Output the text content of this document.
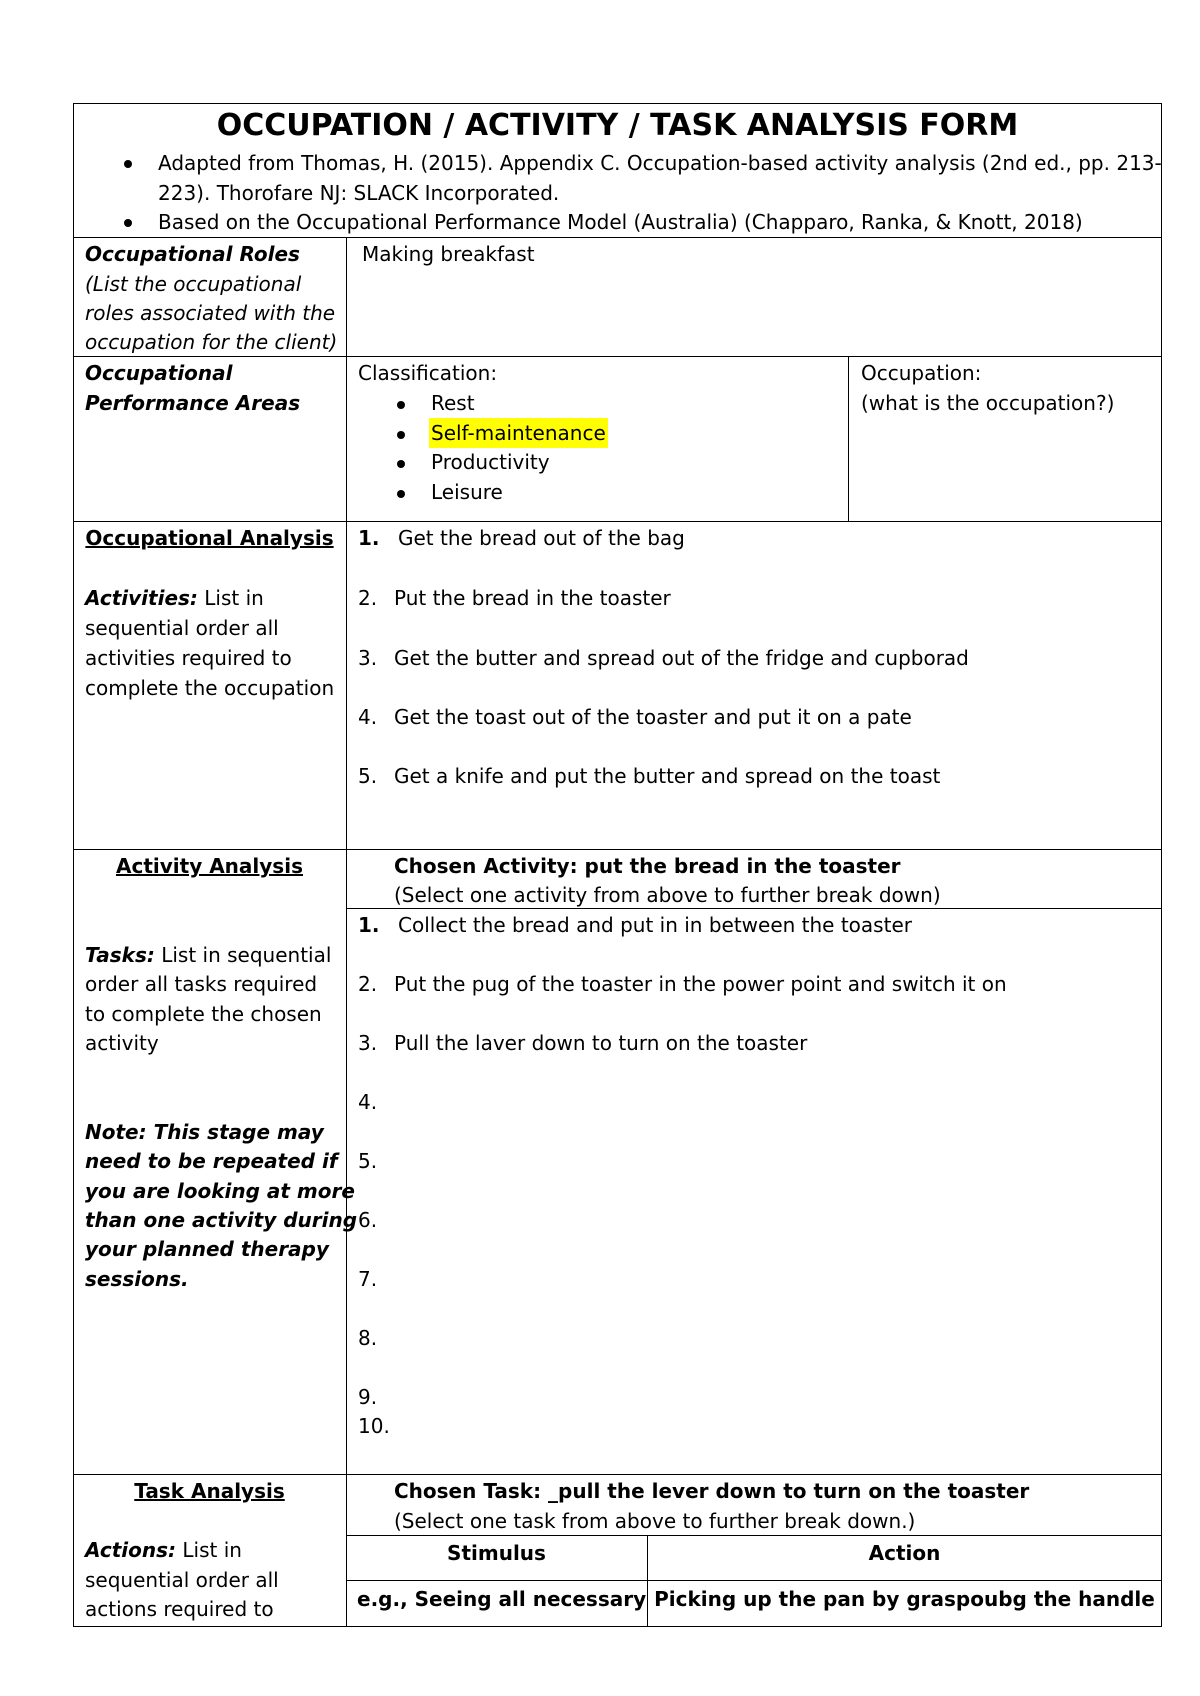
OCCUPATION / ACTIVITY / TASK ANALYSIS FORM
Adapted from Thomas, H. (2015). Appendix C. Occupation-based activity analysis (2nd ed., pp. 213-
223). Thorofare NJ: SLACK Incorporated.
Based on the Occupational Performance Model (Australia) (Chapparo, Ranka, & Knott, 2018)
Occupational Roles
(List the occupational
roles associated with the
occupation for the client)
Making breakfast
Occupational
Performance Areas
Classification:
Rest
Self-maintenance
Productivity
Leisure
Occupation:
(what is the occupation?)
Occupational Analysis
Activities: List in
sequential order all
activities required to
complete the occupation
1. Get the bread out of the bag
2. Put the bread in the toaster
3. Get the butter and spread out of the fridge and cupborad
4. Get the toast out of the toaster and put it on a pate
5. Get a knife and put the butter and spread on the toast
Activity Analysis
Tasks: List in sequential
order all tasks required
to complete the chosen
activity
Note: This stage may
need to be repeated if
you are looking at more
than one activity during
your planned therapy
sessions.
Chosen Activity: put the bread in the toaster
(Select one activity from above to further break down)
1. Collect the bread and put in in between the toaster
2. Put the pug of the toaster in the power point and switch it on
3. Pull the laver down to turn on the toaster
4.
5.
6.
7.
8.
9.
10.
Task Analysis
Actions: List in
sequential order all
actions required to
Chosen Task: _pull the lever down to turn on the toaster
(Select one task from above to further break down.)
Stimulus	Action
e.g., Seeing all necessary Picking up the pan by graspoubg the handle
